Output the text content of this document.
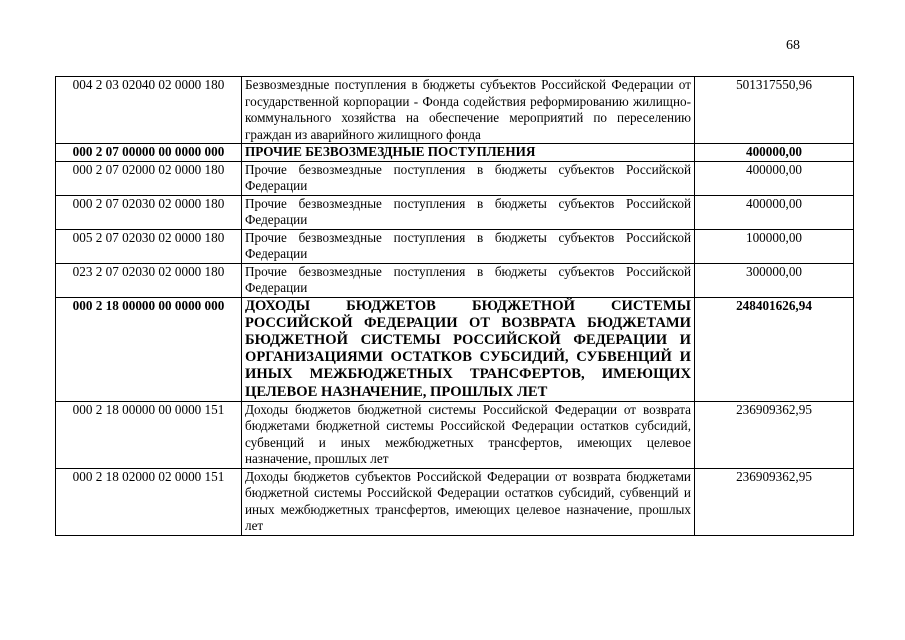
68
004 2 03 02040 02 0000 180	Безвозмездные поступления в бюджеты субъектов Российской Федерации от государственной корпорации - Фонда содействия реформированию жилищно-коммунального хозяйства на обеспечение мероприятий по переселению граждан из аварийного жилищного фонда	501317550,96
000 2 07 00000 00 0000 000	ПРОЧИЕ БЕЗВОЗМЕЗДНЫЕ ПОСТУПЛЕНИЯ	400000,00
000 2 07 02000 02 0000 180	Прочие безвозмездные поступления в бюджеты субъектов Российской Федерации	400000,00
000 2 07 02030 02 0000 180	Прочие безвозмездные поступления в бюджеты субъектов Российской Федерации	400000,00
005 2 07 02030 02 0000 180	Прочие безвозмездные поступления в бюджеты субъектов Российской Федерации	100000,00
023 2 07 02030 02 0000 180	Прочие безвозмездные поступления в бюджеты субъектов Российской Федерации	300000,00
000 2 18 00000 00 0000 000	ДОХОДЫ БЮДЖЕТОВ БЮДЖЕТНОЙ СИСТЕМЫ РОССИЙСКОЙ ФЕДЕРАЦИИ ОТ ВОЗВРАТА БЮДЖЕТАМИ БЮДЖЕТНОЙ СИСТЕМЫ РОССИЙСКОЙ ФЕДЕРАЦИИ И ОРГАНИЗАЦИЯМИ ОСТАТКОВ СУБСИДИЙ, СУБВЕНЦИЙ И ИНЫХ МЕЖБЮДЖЕТНЫХ ТРАНСФЕРТОВ, ИМЕЮЩИХ ЦЕЛЕВОЕ НАЗНАЧЕНИЕ, ПРОШЛЫХ ЛЕТ	248401626,94
000 2 18 00000 00 0000 151	Доходы бюджетов бюджетной системы Российской Федерации от возврата бюджетами бюджетной системы Российской Федерации остатков субсидий, субвенций и иных межбюджетных трансфертов, имеющих целевое назначение, прошлых лет	236909362,95
000 2 18 02000 02 0000 151	Доходы бюджетов субъектов Российской Федерации от возврата бюджетами бюджетной системы Российской Федерации остатков субсидий, субвенций и иных межбюджетных трансфертов, имеющих целевое назначение, прошлых лет	236909362,95
